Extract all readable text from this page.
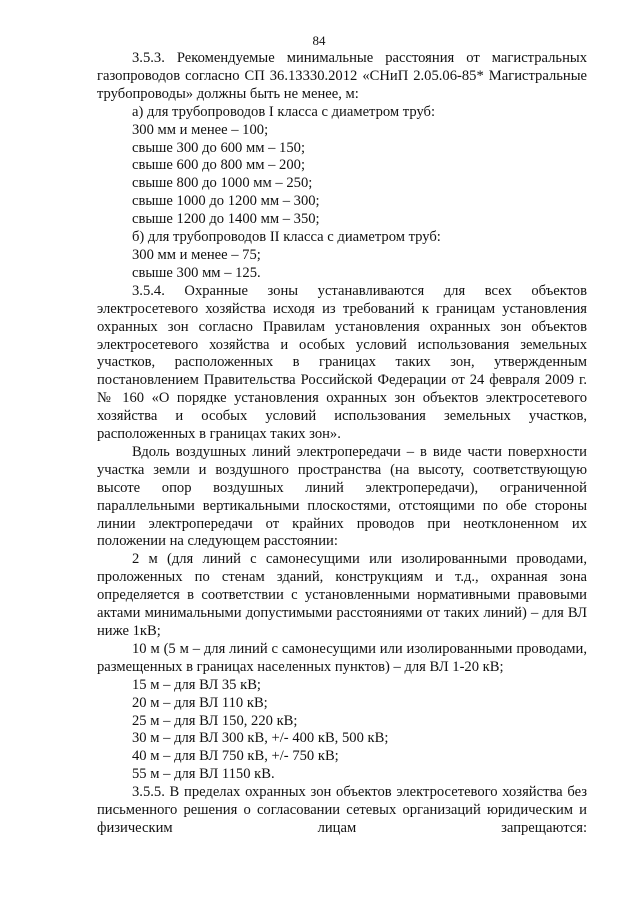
84
3.5.3. Рекомендуемые минимальные расстояния от магистральных газопроводов согласно СП 36.13330.2012 «СНиП 2.05.06-85* Магистральные трубопроводы» должны быть не менее, м:
а) для трубопроводов I класса с диаметром труб:
300 мм и менее – 100;
свыше 300 до 600 мм – 150;
свыше 600 до 800 мм – 200;
свыше 800 до 1000 мм – 250;
свыше 1000 до 1200 мм – 300;
свыше 1200 до 1400 мм – 350;
б) для трубопроводов II класса с диаметром труб:
300 мм и менее – 75;
свыше 300 мм – 125.
3.5.4. Охранные зоны устанавливаются для всех объектов электросетевого хозяйства исходя из требований к границам установления охранных зон согласно Правилам установления охранных зон объектов электросетевого хозяйства и особых условий использования земельных участков, расположенных в границах таких зон, утвержденным постановлением Правительства Российской Федерации от 24 февраля 2009 г. № 160 «О порядке установления охранных зон объектов электросетевого хозяйства и особых условий использования земельных участков, расположенных в границах таких зон».
Вдоль воздушных линий электропередачи – в виде части поверхности участка земли и воздушного пространства (на высоту, соответствующую высоте опор воздушных линий электропередачи), ограниченной параллельными вертикальными плоскостями, отстоящими по обе стороны линии электропередачи от крайних проводов при неотклоненном их положении на следующем расстоянии:
2 м (для линий с самонесущими или изолированными проводами, проложенных по стенам зданий, конструкциям и т.д., охранная зона определяется в соответствии с установленными нормативными правовыми актами минимальными допустимыми расстояниями от таких линий) – для ВЛ ниже 1кВ;
10 м (5 м – для линий с самонесущими или изолированными проводами, размещенных в границах населенных пунктов) – для ВЛ 1-20 кВ;
15 м – для ВЛ 35 кВ;
20 м – для ВЛ 110 кВ;
25 м – для ВЛ 150, 220 кВ;
30 м – для ВЛ 300 кВ, +/- 400 кВ, 500 кВ;
40 м – для ВЛ 750 кВ, +/- 750 кВ;
55 м – для ВЛ 1150 кВ.
3.5.5. В пределах охранных зон объектов электросетевого хозяйства без письменного решения о согласовании сетевых организаций юридическим и физическим лицам запрещаются:
